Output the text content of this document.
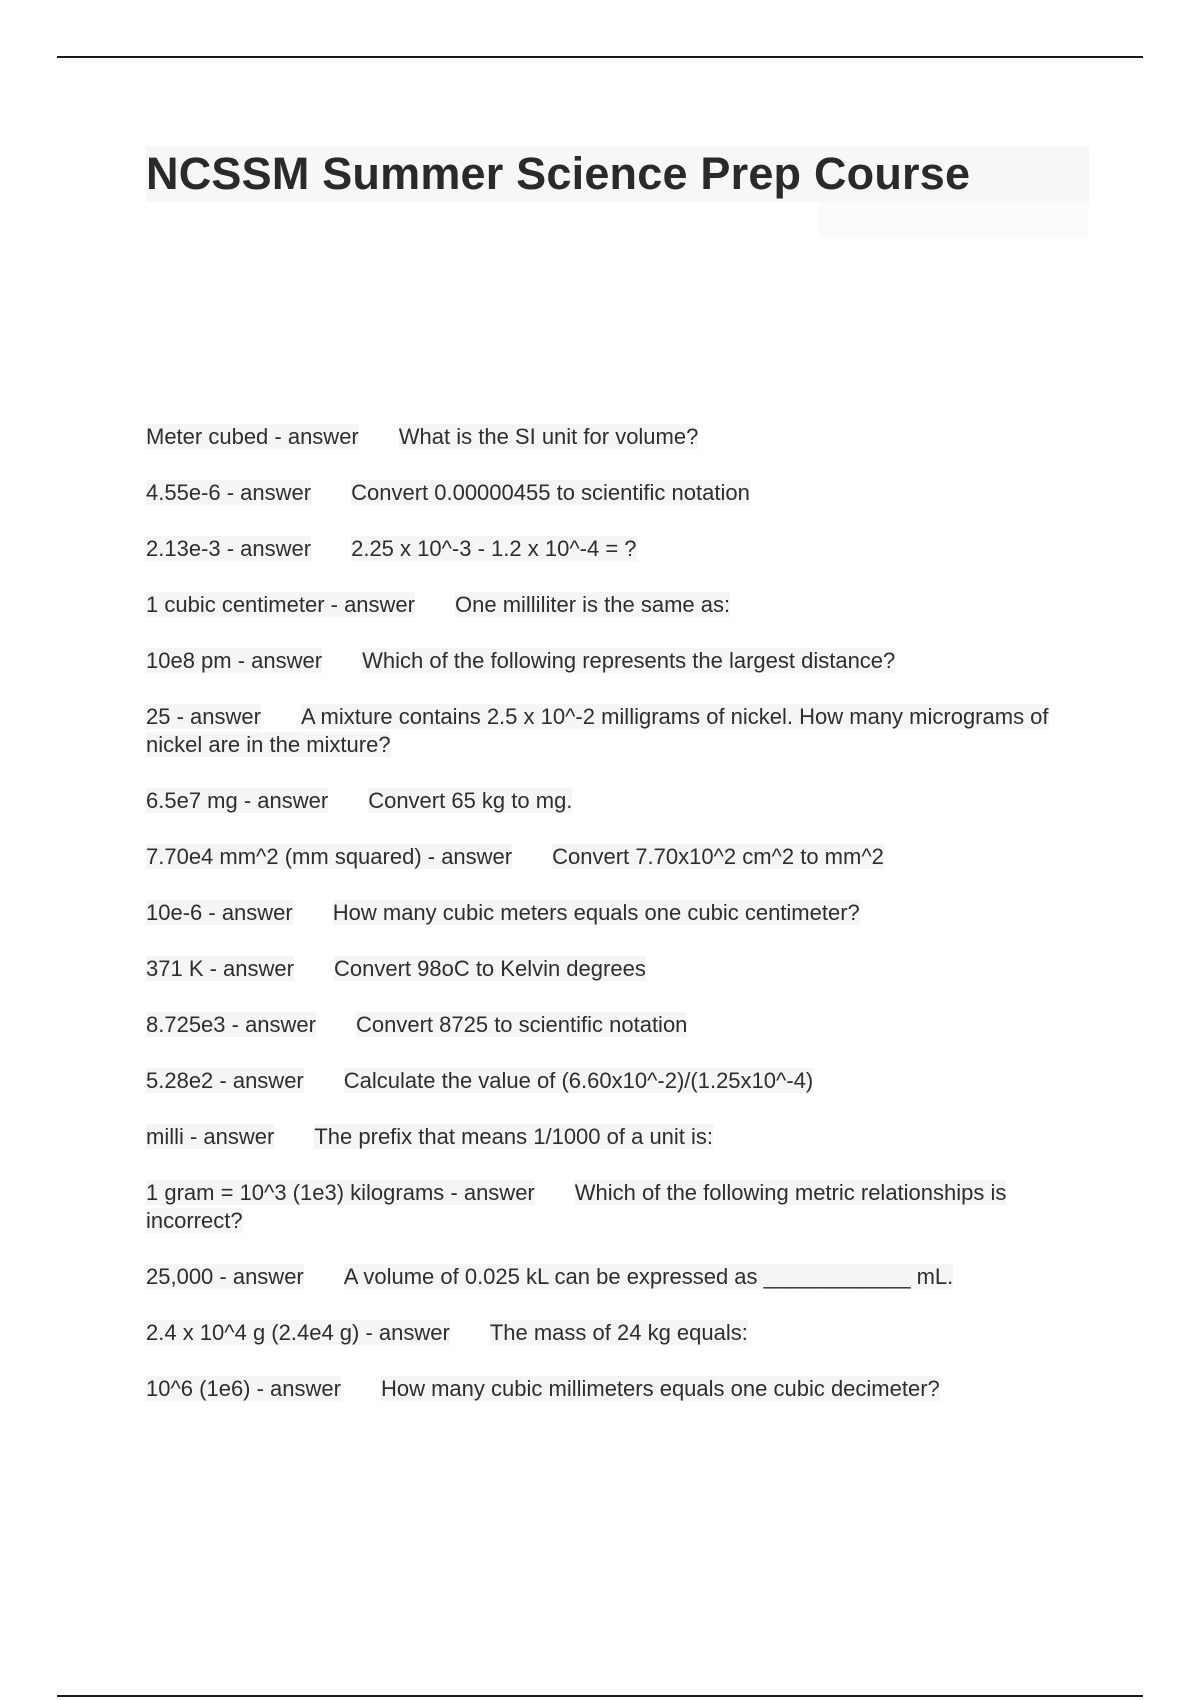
NCSSM Summer Science Prep Course

Meter cubed - answer What is the SI unit for volume?

4.55e-6 - answer Convert 0.00000455 to scientific notation

2.13e-3 - answer 2.25 x 10^-3 - 1.2 x 10^-4 = ?

1 cubic centimeter - answer One milliliter is the same as:

10e8 pm - answer Which of the following represents the largest distance?

25 - answer A mixture contains 2.5 x 10^-2 milligrams of nickel. How many micrograms of nickel are in the mixture?

6.5e7 mg - answer Convert 65 kg to mg.

7.70e4 mm^2 (mm squared) - answer Convert 7.70x10^2 cm^2 to mm^2

10e-6 - answer How many cubic meters equals one cubic centimeter?

371 K - answer Convert 98oC to Kelvin degrees

8.725e3 - answer Convert 8725 to scientific notation

5.28e2 - answer Calculate the value of (6.60x10^-2)/(1.25x10^-4)

milli - answer The prefix that means 1/1000 of a unit is:

1 gram = 10^3 (1e3) kilograms - answer Which of the following metric relationships is incorrect?

25,000 - answer A volume of 0.025 kL can be expressed as ____________ mL.

2.4 x 10^4 g (2.4e4 g) - answer The mass of 24 kg equals:

10^6 (1e6) - answer How many cubic millimeters equals one cubic decimeter?
